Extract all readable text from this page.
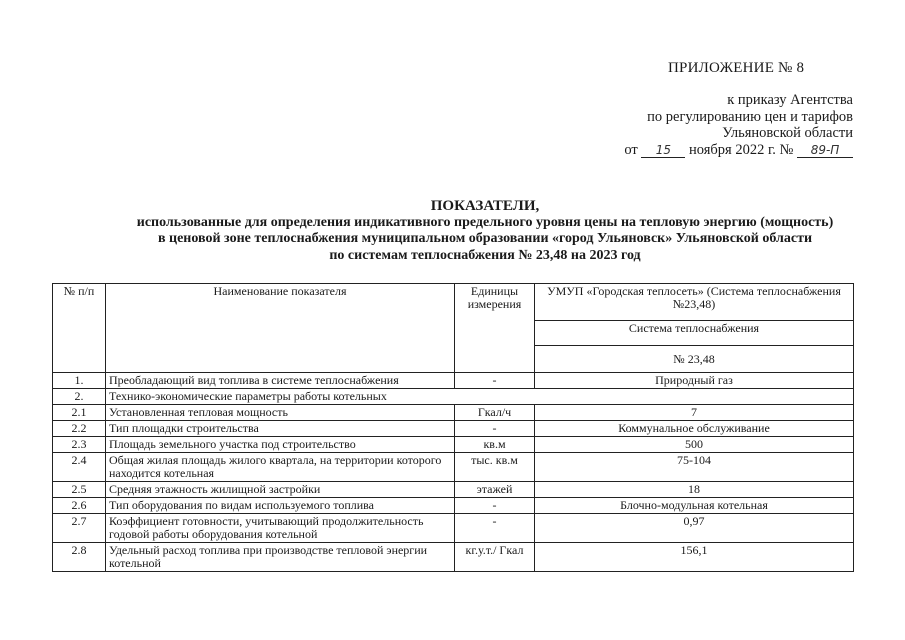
ПРИЛОЖЕНИЕ № 8
к приказу Агентства
по регулированию цен и тарифов
Ульяновской области
от 15 ноября 2022 г. № 89-П
ПОКАЗАТЕЛИ,
использованные для определения индикативного предельного уровня цены на тепловую энергию (мощность)
в ценовой зоне теплоснабжения муниципальном образовании «город Ульяновск» Ульяновской области
по системам теплоснабжения № 23,48 на 2023 год
№ п/п	Наименование показателя	Единицы измерения	УМУП «Городская теплосеть» (Система теплоснабжения №23,48)
			Система теплоснабжения
			№ 23,48
1.	Преобладающий вид топлива в системе теплоснабжения	-	Природный газ
2.	Технико-экономические параметры работы котельных		
2.1	Установленная тепловая мощность	Гкал/ч	7
2.2	Тип площадки строительства	-	Коммунальное обслуживание
2.3	Площадь земельного участка под строительство	кв.м	500
2.4	Общая жилая площадь жилого квартала, на территории которого находится котельная	тыс. кв.м	75-104
2.5	Средняя этажность жилищной застройки	этажей	18
2.6	Тип оборудования по видам используемого топлива	-	Блочно-модульная котельная
2.7	Коэффициент готовности, учитывающий продолжительность годовой работы оборудования котельной	-	0,97
2.8	Удельный расход топлива при производстве тепловой энергии котельной	кг.у.т./ Гкал	156,1
